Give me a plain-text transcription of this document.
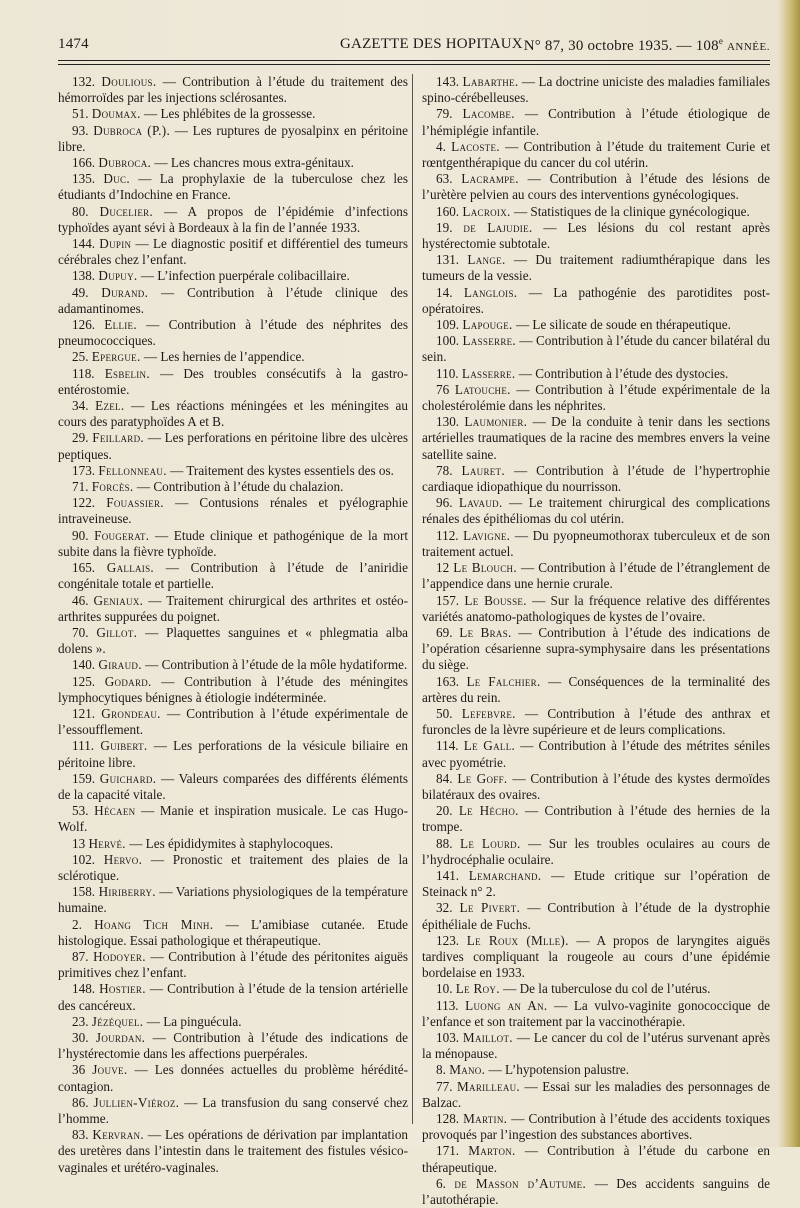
1474	GAZETTE DES HOPITAUX N° 87, 30 octobre 1935. — 108e ANNÉE.

132. Doulious. — Contribution à l’étude du traitement des hémorroïdes par les injections sclérosantes.

51. Doumax. — Les phlébites de la grossesse.

93. Dubroca (P.). — Les ruptures de pyosalpinx en péritoine libre.

166. Dubroca. — Les chancres mous extra-génitaux.

135. Duc. — La prophylaxie de la tuberculose chez les étudiants d’Indochine en France.

80. Ducelier. — A propos de l’épidémie d’infections typhoïdes ayant sévi à Bordeaux à la fin de l’année 1933.

144. Dupin — Le diagnostic positif et différentiel des tumeurs cérébrales chez l’enfant.

138. Dupuy. — L’infection puerpérale colibacillaire.

49. Durand. — Contribution à l’étude clinique des adamantinomes.

126. Ellie. — Contribution à l’étude des néphrites des pneumococciques.

25. Epergue. — Les hernies de l’appendice.

118. Esbelin. — Des troubles consécutifs à la gastro-entérostomie.

34. Ezel. — Les réactions méningées et les méningites au cours des paratyphoïdes A et B.

29. Feillard. — Les perforations en péritoine libre des ulcères peptiques.

173. Fellonneau. — Traitement des kystes essentiels des os.

71. Forcès. — Contribution à l’étude du chalazion.

122. Fouassier. — Contusions rénales et pyélographie intraveineuse.

90. Fougerat. — Etude clinique et pathogénique de la mort subite dans la fièvre typhoïde.

165. Gallais. — Contribution à l’étude de l’aniridie congénitale totale et partielle.

46. Geniaux. — Traitement chirurgical des arthrites et ostéo-arthrites suppurées du poignet.

70. Gillot. — Plaquettes sanguines et « phlegmatia alba dolens ».

140. Giraud. — Contribution à l’étude de la môle hydatiforme.

125. Godard. — Contribution à l’étude des méningites lymphocytiques bénignes à étiologie indéterminée.

121. Grondeau. — Contribution à l’étude expérimentale de l’essoufflement.

111. Guibert. — Les perforations de la vésicule biliaire en péritoine libre.

159. Guichard. — Valeurs comparées des différents éléments de la capacité vitale.

53. Hécaen — Manie et inspiration musicale. Le cas Hugo-Wolf.

13 Hervé. — Les épididymites à staphylocoques.

102. Hervo. — Pronostic et traitement des plaies de la sclérotique.

158. Hiriberry. — Variations physiologiques de la température humaine.

2. Hoang Tich Minh. — L’amibiase cutanée. Etude histologique. Essai pathologique et thérapeutique.

87. Hodoyer. — Contribution à l’étude des péritonites aiguës primitives chez l’enfant.

148. Hostier. — Contribution à l’étude de la tension artérielle des cancéreux.

23. Jézéquel. — La pinguécula.

30. Jourdan. — Contribution à l’étude des indications de l’hystérectomie dans les affections puerpérales.

36 Jouve. — Les données actuelles du problème hérédité-contagion.

86. Jullien-Viéroz. — La transfusion du sang conservé chez l’homme.

83. Kervran. — Les opérations de dérivation par implantation des uretères dans l’intestin dans le traitement des fistules vésico-vaginales et urétéro-vaginales.

143. Labarthe. — La doctrine uniciste des maladies familiales spino-cérébelleuses.

79. Lacombe. — Contribution à l’étude étiologique de l’hémiplégie infantile.

4. Lacoste. — Contribution à l’étude du traitement Curie et rœntgenthérapique du cancer du col utérin.

63. Lacrampe. — Contribution à l’étude des lésions de l’urètère pelvien au cours des interventions gynécologiques.

160. Lacroix. — Statistiques de la clinique gynécologique.

19. de Lajudie. — Les lésions du col restant après hystérectomie subtotale.

131. Lange. — Du traitement radiumthérapique dans les tumeurs de la vessie.

14. Langlois. — La pathogénie des parotidites post-opératoires.

109. Lapouge. — Le silicate de soude en thérapeutique.

100. Lasserre. — Contribution à l’étude du cancer bilatéral du sein.

110. Lasserre. — Contribution à l’étude des dystocies.

76 Latouche. — Contribution à l’étude expérimentale de la cholestérolémie dans les néphrites.

130. Laumonier. — De la conduite à tenir dans les sections artérielles traumatiques de la racine des membres envers la veine satellite saine.

78. Lauret. — Contribution à l’étude de l’hypertrophie cardiaque idiopathique du nourrisson.

96. Lavaud. — Le traitement chirurgical des complications rénales des épithéliomas du col utérin.

112. Lavigne. — Du pyopneumothorax tuberculeux et de son traitement actuel.

12 Le Blouch. — Contribution à l’étude de l’étranglement de l’appendice dans une hernie crurale.

157. Le Bousse. — Sur la fréquence relative des différentes variétés anatomo-pathologiques de kystes de l’ovaire.

69. Le Bras. — Contribution à l’étude des indications de l’opération césarienne supra-symphysaire dans les présentations du siège.

163. Le Falchier. — Conséquences de la terminalité des artères du rein.

50. Lefebvre. — Contribution à l’étude des anthrax et furoncles de la lèvre supérieure et de leurs complications.

114. Le Gall. — Contribution à l’étude des métrites séniles avec pyométrie.

84. Le Goff. — Contribution à l’étude des kystes dermoïdes bilatéraux des ovaires.

20. Le Hécho. — Contribution à l’étude des hernies de la trompe.

88. Le Lourd. — Sur les troubles oculaires au cours de l’hydrocéphalie oculaire.

141. Lemarchand. — Etude critique sur l’opération de Steinack n° 2.

32. Le Piverт. — Contribution à l’étude de la dystrophie épithéliale de Fuchs.

123. Le Roux (Mlle). — A propos de laryngites aiguës tardives compliquant la rougeole au cours d’une épidémie bordelaise en 1933.

10. Le Roy. — De la tuberculose du col de l’utérus.

113. Luong an An. — La vulvo-vaginite gonococcique de l’enfance et son traitement par la vaccinothérapie.

103. Maillot. — Le cancer du col de l’utérus survenant après la ménopause.

8. Mano. — L’hypotension palustre.

77. Marilleau. — Essai sur les maladies des personnages de Balzac.

128. Martin. — Contribution à l’étude des accidents toxiques provoqués par l’ingestion des substances abortives.

171. Marton. — Contribution à l’étude du carbone en thérapeutique.

6. de Masson d’Autume. — Des accidents sanguins de l’autothérapie.
